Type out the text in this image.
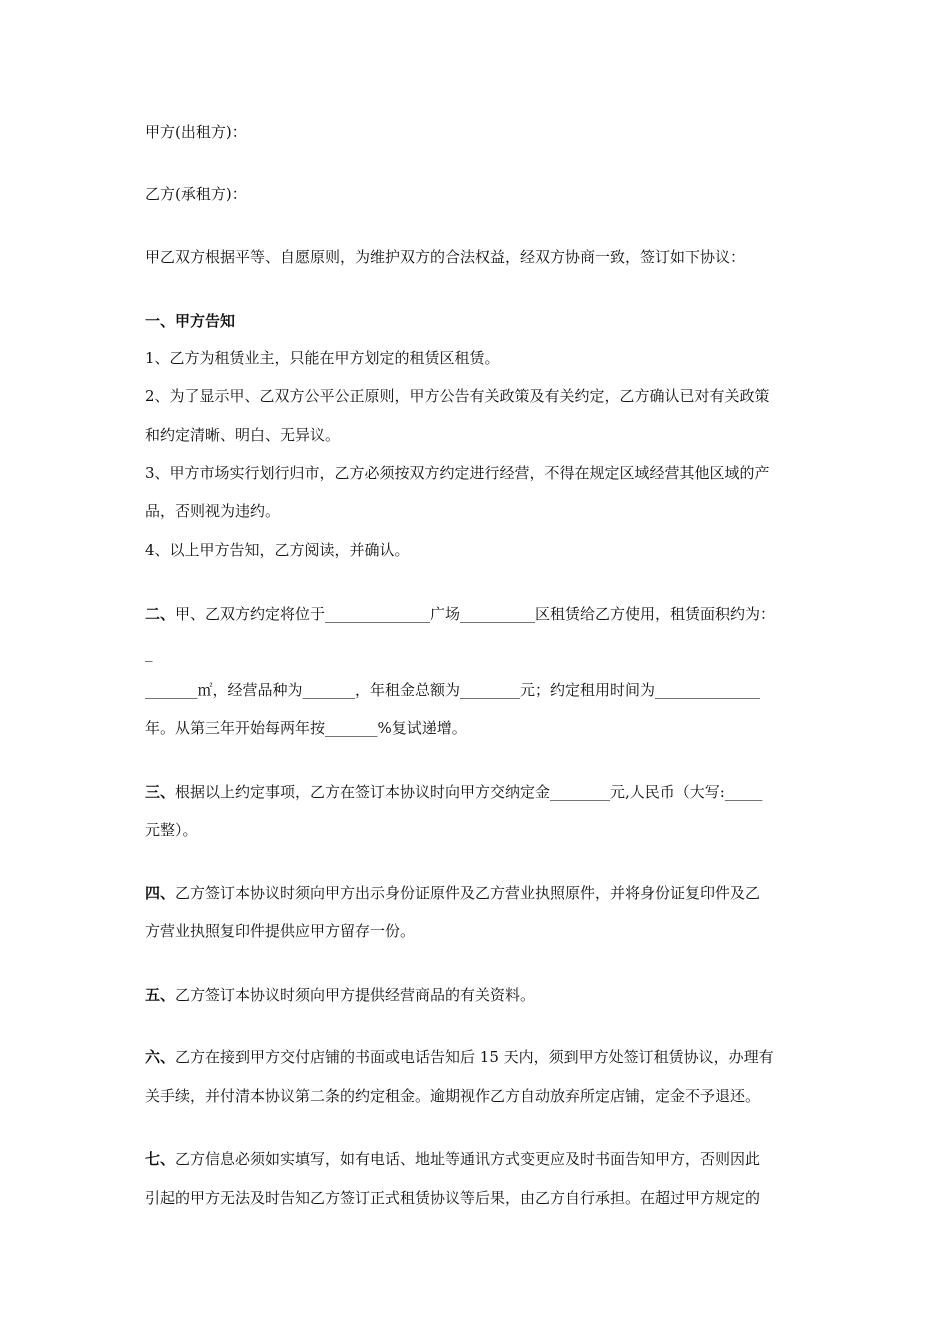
甲方(出租方)：
乙方(承租方)：
甲乙双方根据平等、自愿原则，为维护双方的合法权益，经双方协商一致，签订如下协议：
一、甲方告知
1、乙方为租赁业主，只能在甲方划定的租赁区租赁。
2、为了显示甲、乙双方公平公正原则，甲方公告有关政策及有关约定，乙方确认已对有关政策
和约定清晰、明白、无异议。
3、甲方市场实行划行归市，乙方必须按双方约定进行经营，不得在规定区域经营其他区域的产
品，否则视为违约。
4、以上甲方告知，乙方阅读，并确认。
二、甲、乙双方约定将位于______________广场__________区租赁给乙方使用，租赁面积约为：
_
_______㎡，经营品种为_______，年租金总额为________元；约定租用时间为______________
年。从第三年开始每两年按_______%复试递增。
三、根据以上约定事项，乙方在签订本协议时向甲方交纳定金________元,人民币（大写:_____
元整）。
四、乙方签订本协议时须向甲方出示身份证原件及乙方营业执照原件，并将身份证复印件及乙
方营业执照复印件提供应甲方留存一份。
五、乙方签订本协议时须向甲方提供经营商品的有关资料。
六、乙方在接到甲方交付店铺的书面或电话告知后 15 天内，须到甲方处签订租赁协议，办理有
关手续，并付清本协议第二条的约定租金。逾期视作乙方自动放弃所定店铺，定金不予退还。
七、乙方信息必须如实填写，如有电话、地址等通讯方式变更应及时书面告知甲方，否则因此
引起的甲方无法及时告知乙方签订正式租赁协议等后果，由乙方自行承担。在超过甲方规定的
